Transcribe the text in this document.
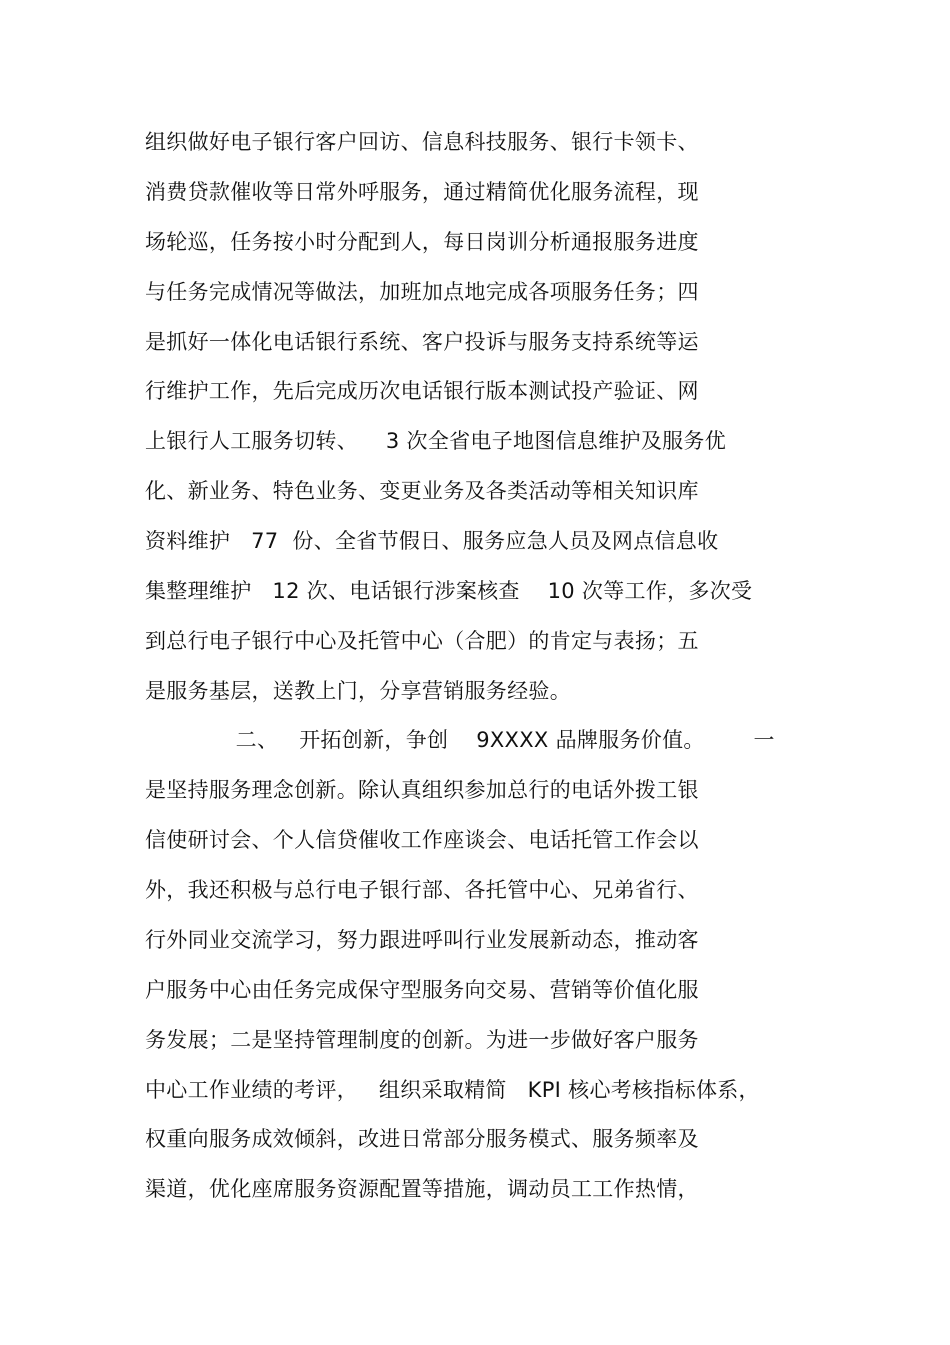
组织做好电子银行客户回访、信息科技服务、银行卡领卡、
消费贷款催收等日常外呼服务，通过精简优化服务流程，现
场轮巡，任务按小时分配到人，每日岗训分析通报服务进度
与任务完成情况等做法，加班加点地完成各项服务任务；四
是抓好一体化电话银行系统、客户投诉与服务支持系统等运
行维护工作，先后完成历次电话银行版本测试投产验证、网
上银行人工服务切转、    3 次全省电子地图信息维护及服务优
化、新业务、特色业务、变更业务及各类活动等相关知识库
资料维护   77  份、全省节假日、服务应急人员及网点信息收
集整理维护   12 次、电话银行涉案核查    10 次等工作，多次受
到总行电子银行中心及托管中心（合肥）的肯定与表扬；五
是服务基层，送教上门，分享营销服务经验。
二、   开拓创新，争创    9XXXX 品牌服务价值。       一
是坚持服务理念创新。除认真组织参加总行的电话外拨工银
信使研讨会、个人信贷催收工作座谈会、电话托管工作会以
外，我还积极与总行电子银行部、各托管中心、兄弟省行、
行外同业交流学习，努力跟进呼叫行业发展新动态，推动客
户服务中心由任务完成保守型服务向交易、营销等价值化服
务发展；二是坚持管理制度的创新。为进一步做好客户服务
中心工作业绩的考评，   组织采取精简   KPI 核心考核指标体系，
权重向服务成效倾斜，改进日常部分服务模式、服务频率及
渠道，优化座席服务资源配置等措施，调动员工工作热情，
